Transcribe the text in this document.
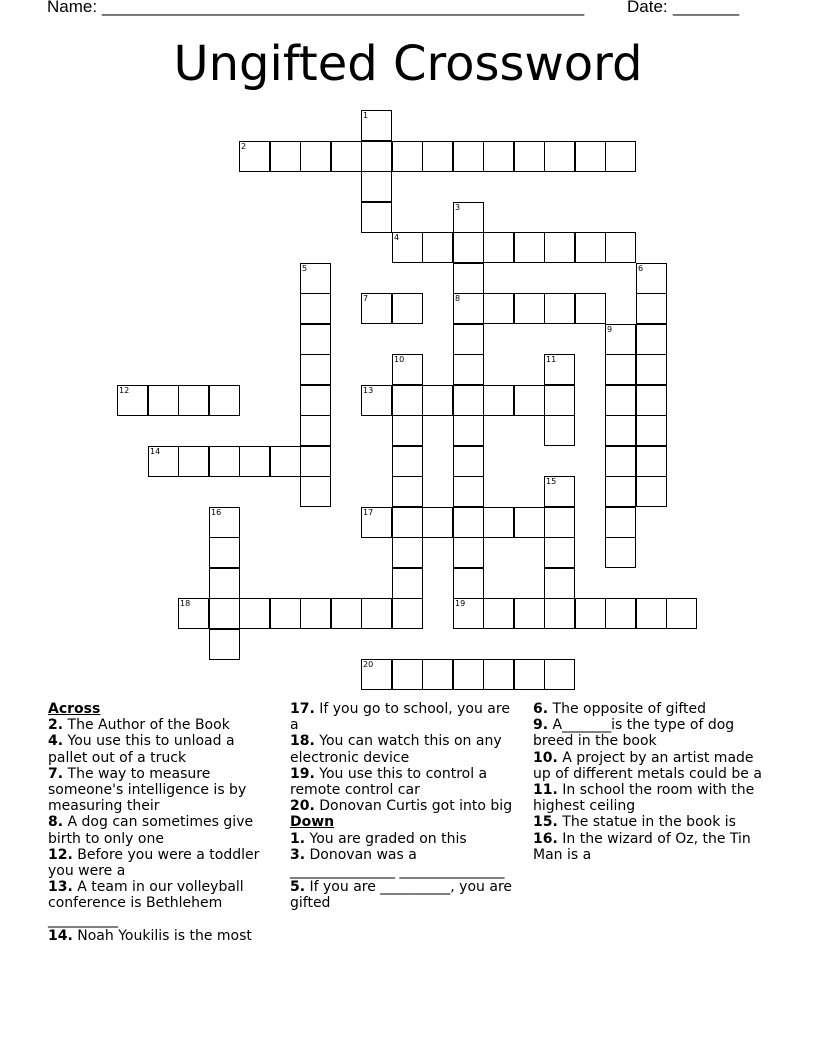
Name: ___________________________________________________	Date: _______
Ungifted Crossword
1
2
3
4
5	6
7	8
9
10	11
12	13
14
15
16	17
18	19
20
Across
2. The Author of the Book
4. You use this to unload a pallet out of a truck
7. The way to measure someone's intelligence is by measuring their
8. A dog can sometimes give birth to only one
12. Before you were a toddler you were a
13. A team in our volleyball conference is Bethlehem __________
14. Noah Youkilis is the most
17. If you go to school, you are a
18. You can watch this on any electronic device
19. You use this to control a remote control car
20. Donovan Curtis got into big
Down
1. You are graded on this
3. Donovan was a _______________ _______________
5. If you are __________, you are gifted
6. The opposite of gifted
9. A_______is the type of dog breed in the book
10. A project by an artist made up of different metals could be a
11. In school the room with the highest ceiling
15. The statue in the book is
16. In the wizard of Oz, the Tin Man is a
